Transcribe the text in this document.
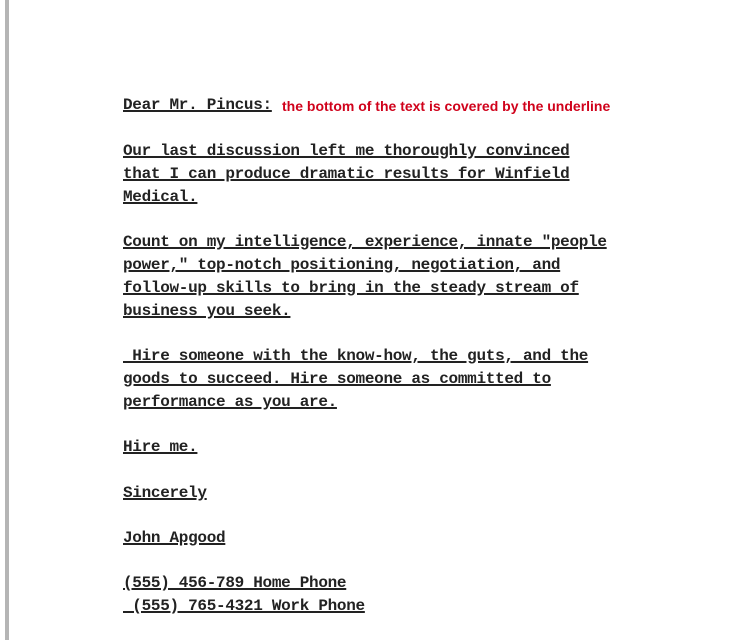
Dear Mr. Pincus:
Our last discussion left me thoroughly convinced
that I can produce dramatic results for Winfield
Medical.
Count on my intelligence, experience, innate "people
power," top-notch positioning, negotiation, and
follow-up skills to bring in the steady stream of
business you seek.
Hire someone with the know-how, the guts, and the
goods to succeed. Hire someone as committed to
performance as you are.
Hire me.
Sincerely
John Apgood
(555) 456-789 Home Phone
(555) 765-4321 Work Phone
the bottom of the text is covered by the underline
